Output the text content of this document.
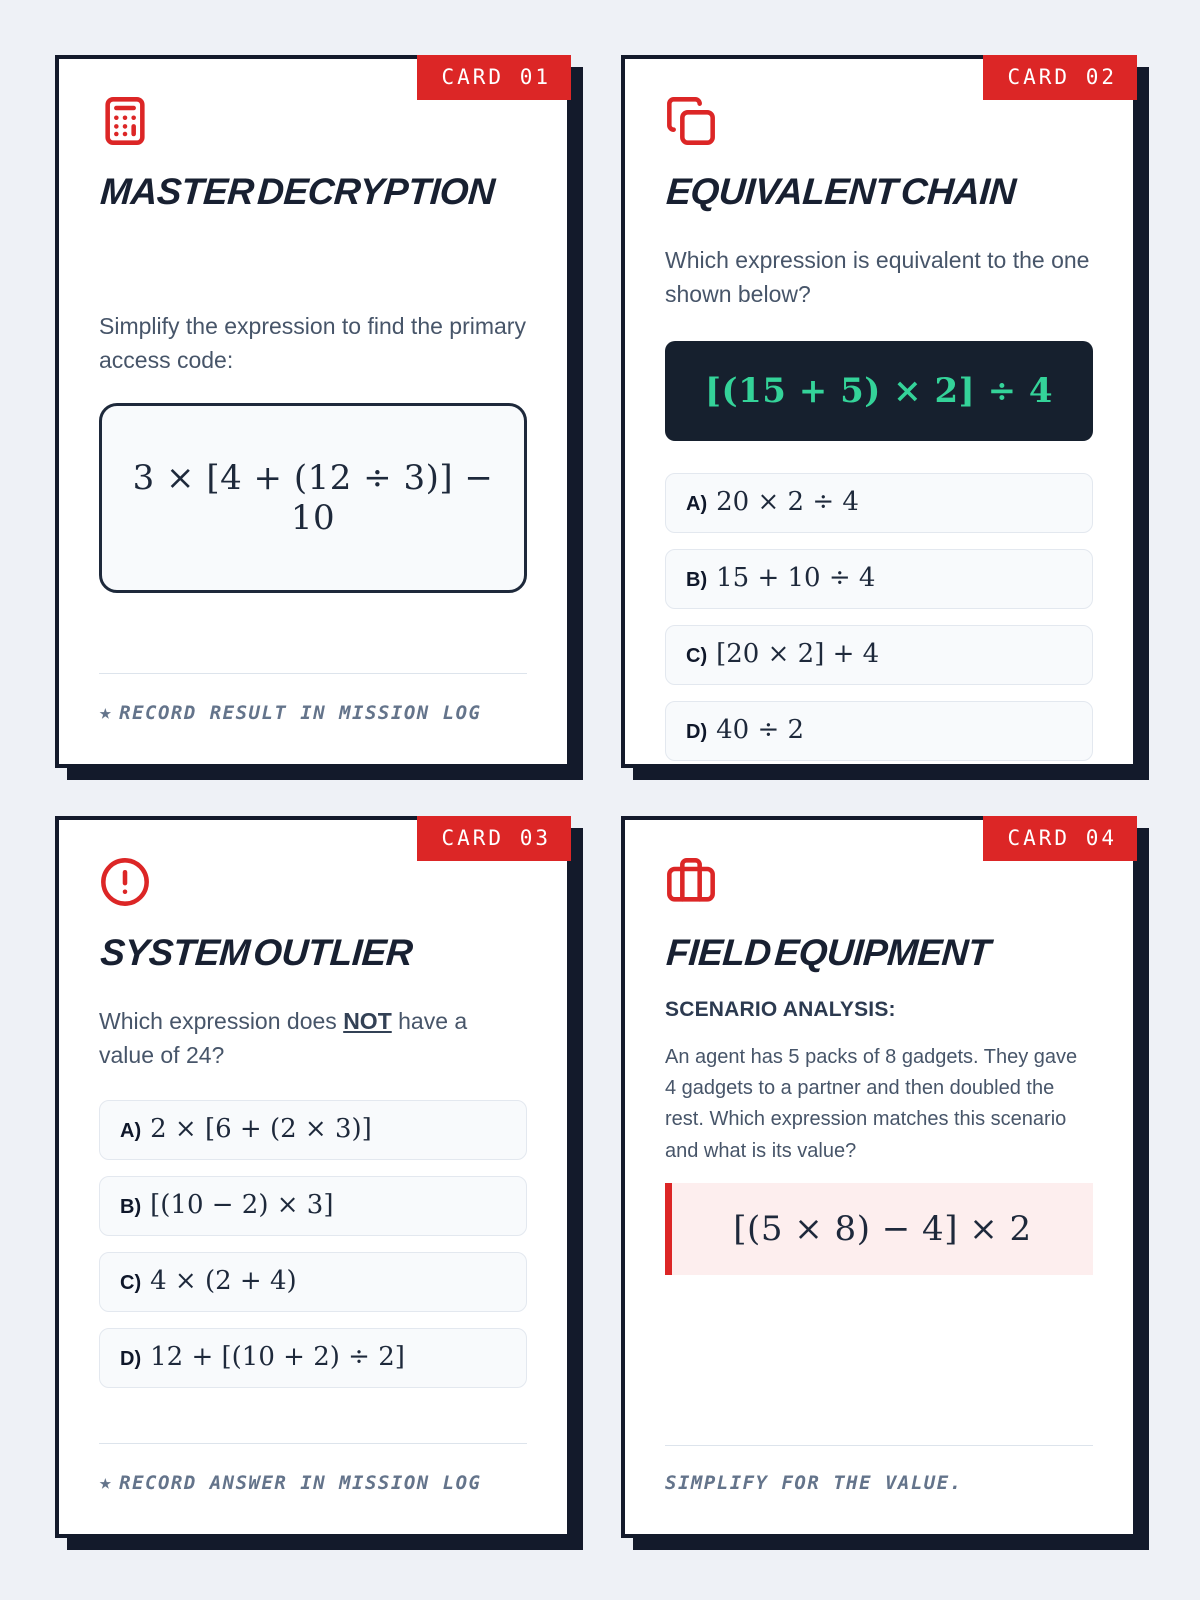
CARD 01
MASTER DECRYPTION

Simplify the expression to find the primary access code:

3 × [4 + (12 ÷ 3)] − 10
★ RECORD RESULT IN MISSION LOG
CARD 02
EQUIVALENT CHAIN

Which expression is equivalent to the one shown below?

[(15 + 5) × 2] ÷ 4
A) 20 × 2 ÷ 4
B) 15 + 10 ÷ 4
C) [20 × 2] + 4
D) 40 ÷ 2
CARD 03
SYSTEM OUTLIER

Which expression does NOT have a value of 24?

A) 2 × [6 + (2 × 3)]
B) [(10 − 2) × 3]
C) 4 × (2 + 4)
D) 12 + [(10 + 2) ÷ 2]
★ RECORD ANSWER IN MISSION LOG
CARD 04
FIELD EQUIPMENT

SCENARIO ANALYSIS:

An agent has 5 packs of 8 gadgets. They gave 4 gadgets to a partner and then doubled the rest. Which expression matches this scenario and what is its value?

[(5 × 8) − 4] × 2
SIMPLIFY FOR THE VALUE.
